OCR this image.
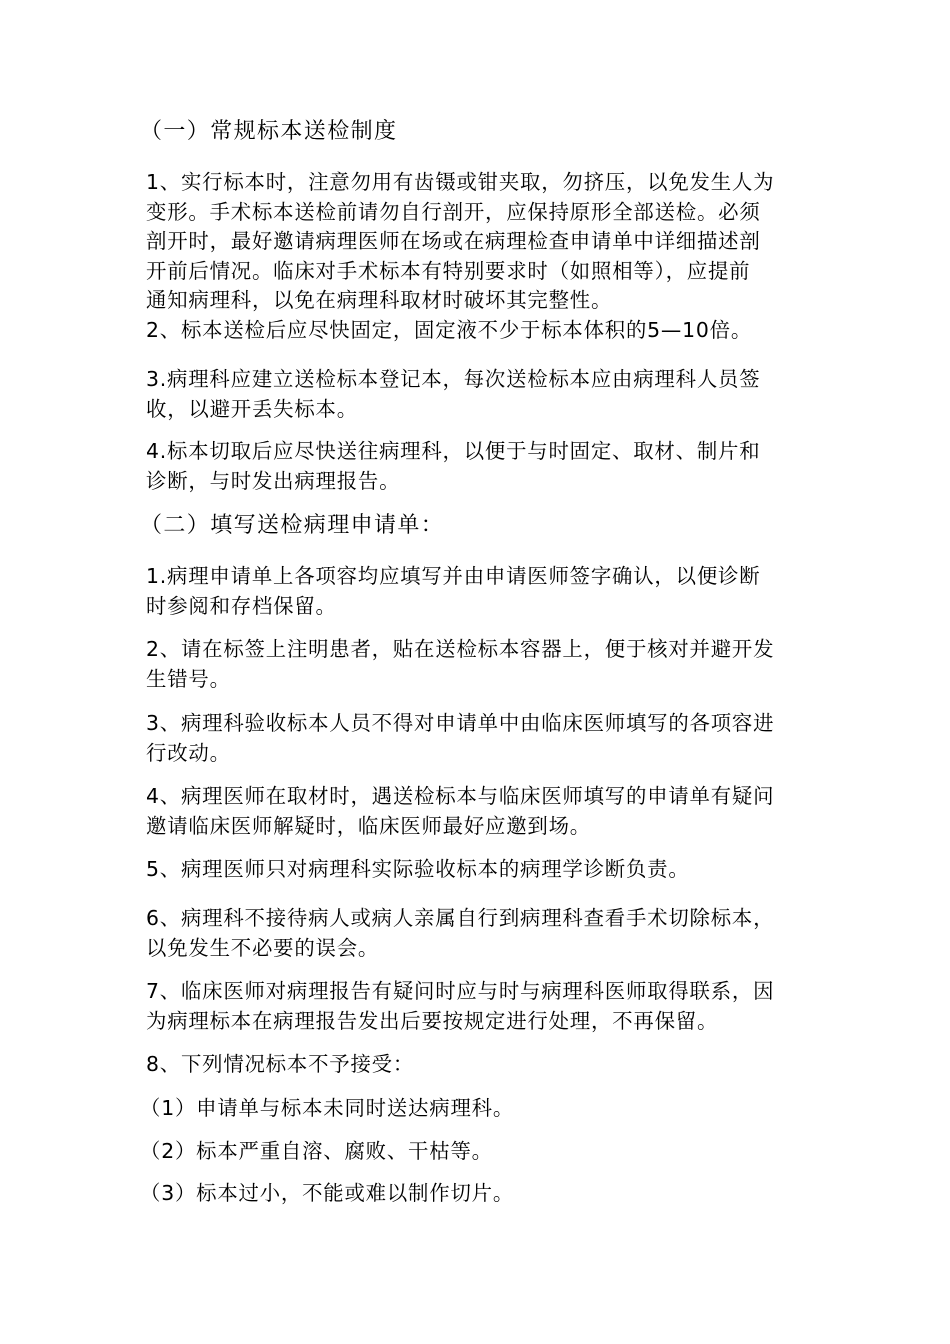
（一）常规标本送检制度
1、实行标本时，注意勿用有齿镊或钳夹取，勿挤压，以免发生人为
变形。手术标本送检前请勿自行剖开，应保持原形全部送检。必须
剖开时，最好邀请病理医师在场或在病理检查申请单中详细描述剖
开前后情况。临床对手术标本有特别要求时（如照相等），应提前
通知病理科，以免在病理科取材时破坏其完整性。
2、标本送检后应尽快固定，固定液不少于标本体积的5—10倍。
3.病理科应建立送检标本登记本，每次送检标本应由病理科人员签
收，以避开丢失标本。
4.标本切取后应尽快送往病理科，以便于与时固定、取材、制片和
诊断，与时发出病理报告。
（二）填写送检病理申请单：
1.病理申请单上各项容均应填写并由申请医师签字确认，以便诊断
时参阅和存档保留。
2、请在标签上注明患者，贴在送检标本容器上，便于核对并避开发
生错号。
3、病理科验收标本人员不得对申请单中由临床医师填写的各项容进
行改动。
4、病理医师在取材时，遇送检标本与临床医师填写的申请单有疑问
邀请临床医师解疑时，临床医师最好应邀到场。
5、病理医师只对病理科实际验收标本的病理学诊断负责。
6、病理科不接待病人或病人亲属自行到病理科查看手术切除标本，
以免发生不必要的误会。
7、临床医师对病理报告有疑问时应与时与病理科医师取得联系，因
为病理标本在病理报告发出后要按规定进行处理，不再保留。
8、下列情况标本不予接受：
（1）申请单与标本未同时送达病理科。
（2）标本严重自溶、腐败、干枯等。
（3）标本过小，不能或难以制作切片。
